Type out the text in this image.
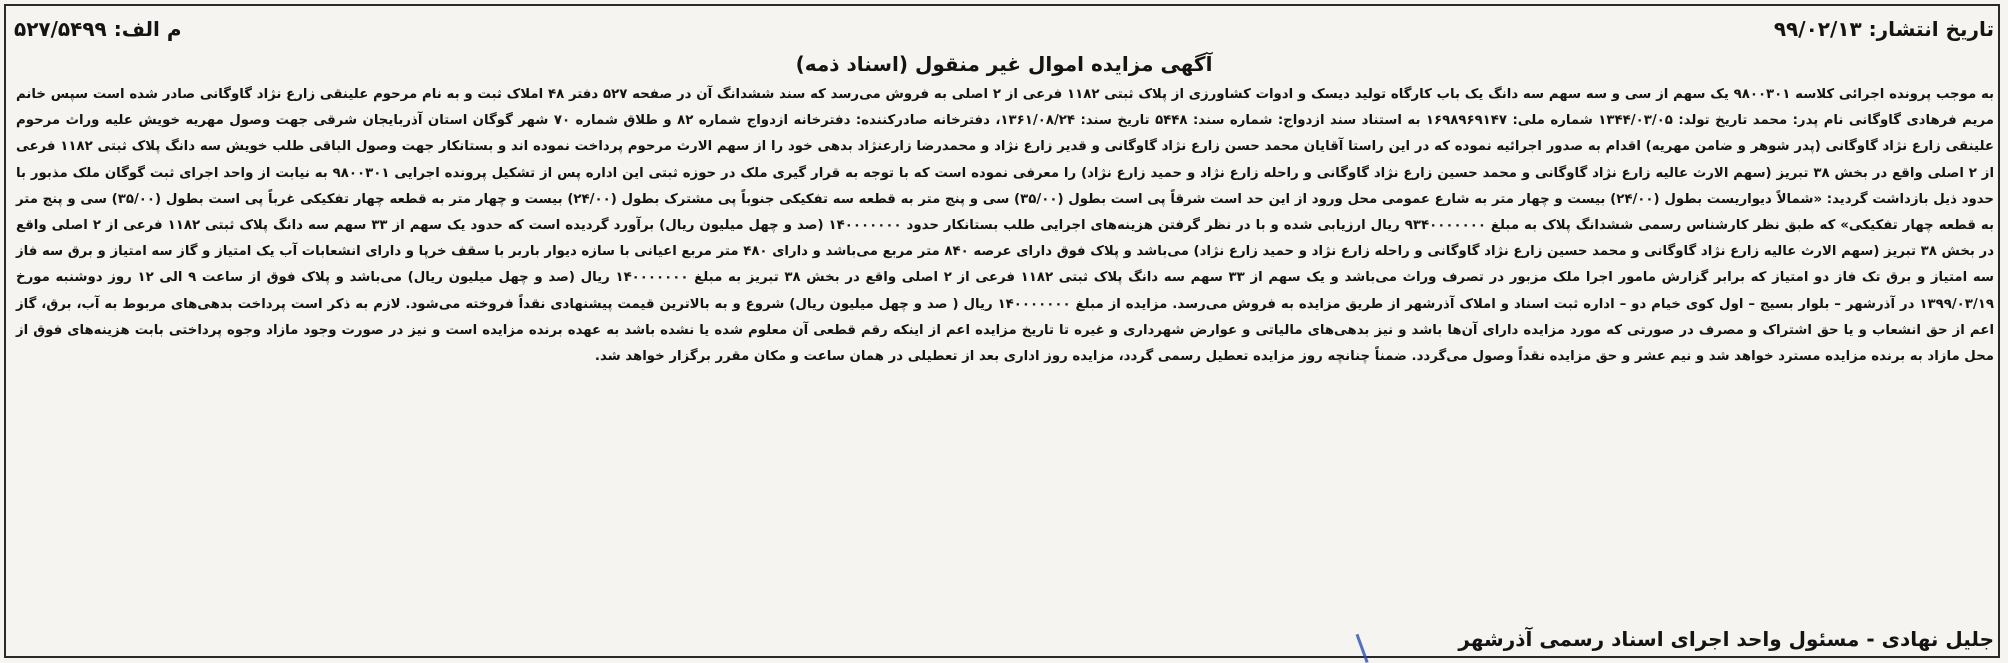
تاریخ انتشار: ۹۹/۰۲/۱۳
م الف: ۵۲۷/۵۴۹۹
آگهی مزایده اموال غیر منقول (اسناد ذمه)
به موجب پرونده اجرائی کلاسه ۹۸۰۰۳۰۱ یک سهم از سی و سه سهم سه دانگ یک باب کارگاه تولید دیسک و ادوات کشاورزی از پلاک ثبتی ۱۱۸۲ فرعی از ۲ اصلی به فروش می‌رسد که سند ششدانگ آن در صفحه ۵۲۷ دفتر ۴۸ املاک ثبت و به نام مرحوم علینقی زارع نژاد گاوگانی صادر شده است سپس خانم مریم فرهادی گاوگانی نام پدر: محمد تاریخ تولد: ۱۳۴۴/۰۳/۰۵ شماره ملی: ۱۶۹۸۹۶۹۱۴۷ به استناد سند ازدواج: شماره سند: ۵۴۴۸ تاریخ سند: ۱۳۶۱/۰۸/۲۴، دفترخانه صادرکننده: دفترخانه ازدواج شماره ۸۲ و طلاق شماره ۷۰ شهر گوگان استان آذربایجان شرقی جهت وصول مهریه خویش علیه وراث مرحوم علینقی زارع نژاد گاوگانی (پدر شوهر و ضامن مهریه) اقدام به صدور اجرائیه نموده که در این راستا آقایان محمد حسن زارع نژاد گاوگانی و قدیر زارع نژاد و محمدرضا زارعنژاد بدهی خود را از سهم الارث مرحوم پرداخت نموده اند و بستانکار جهت وصول الباقی طلب خویش سه دانگ پلاک ثبتی ۱۱۸۲ فرعی از ۲ اصلی واقع در بخش ۳۸ تبریز (سهم الارث عالیه زارع نژاد گاوگانی و محمد حسین زارع نژاد گاوگانی و راحله زارع نژاد و حمید زارع نژاد) را معرفی نموده است که با توجه به قرار گیری ملک در حوزه ثبتی این اداره پس از تشکیل پرونده اجرایی ۹۸۰۰۳۰۱ به نیابت از واحد اجرای ثبت گوگان ملک مذبور با حدود ذیل بازداشت گردید: «شمالاً دیواریست بطول (۲۴/۰۰) بیست و چهار متر به شارع عمومی محل ورود از این حد است شرقاً پی است بطول (۳۵/۰۰) سی و پنج متر به قطعه سه تفکیکی جنوباً پی مشترک بطول (۲۴/۰۰) بیست و چهار متر به قطعه چهار تفکیکی غرباً پی است بطول (۳۵/۰۰) سی و پنج متر به قطعه چهار تفکیکی» که طبق نظر کارشناس رسمی ششدانگ پلاک به مبلغ ۹۳۴۰۰۰۰۰۰۰ ریال ارزیابی شده و با در نظر گرفتن هزینه‌های اجرایی طلب بستانکار حدود ۱۴۰۰۰۰۰۰۰ (صد و چهل میلیون ریال) برآورد گردیده است که حدود یک سهم از ۳۳ سهم سه دانگ پلاک ثبتی ۱۱۸۲ فرعی از ۲ اصلی واقع در بخش ۳۸ تبریز (سهم الارث عالیه زارع نژاد گاوگانی و محمد حسین زارع نژاد گاوگانی و راحله زارع نژاد و حمید زارع نژاد) می‌باشد و پلاک فوق دارای عرصه ۸۴۰ متر مربع می‌باشد و دارای ۴۸۰ متر مربع اعیانی با سازه دیوار باربر با سقف خرپا و دارای انشعابات آب یک امتیاز و گاز سه امتیاز و برق سه فاز سه امتیاز و برق تک فاز دو امتیاز که برابر گزارش مامور اجرا ملک مزبور در تصرف وراث می‌باشد و یک سهم از ۳۳ سهم سه دانگ پلاک ثبتی ۱۱۸۲ فرعی از ۲ اصلی واقع در بخش ۳۸ تبریز به مبلغ ۱۴۰۰۰۰۰۰۰ ریال (صد و چهل میلیون ریال) می‌باشد و پلاک فوق از ساعت ۹ الی ۱۲ روز دوشنبه مورخ ۱۳۹۹/۰۳/۱۹ در آذرشهر – بلوار بسیج – اول کوی خیام دو – اداره ثبت اسناد و املاک آذرشهر از طریق مزایده به فروش می‌رسد. مزایده از مبلغ ۱۴۰۰۰۰۰۰۰ ریال ( صد و چهل میلیون ریال) شروع و به بالاترین قیمت پیشنهادی نقداً فروخته می‌شود. لازم به ذکر است پرداخت بدهی‌های مربوط به آب، برق، گاز اعم از حق انشعاب و یا حق اشتراک و مصرف در صورتی که مورد مزایده دارای آن‌ها باشد و نیز بدهی‌های مالیاتی و عوارض شهرداری و غیره تا تاریخ مزایده اعم از اینکه رقم قطعی آن معلوم شده یا نشده باشد به عهده برنده مزایده است و نیز در صورت وجود مازاد وجوه پرداختی بابت هزینه‌های فوق از محل مازاد به برنده مزایده مسترد خواهد شد و نیم عشر و حق مزایده نقداً وصول می‌گردد. ضمناً چنانچه روز مزایده تعطیل رسمی گردد، مزایده روز اداری بعد از تعطیلی در همان ساعت و مکان مقرر برگزار خواهد شد.
جلیل نهادی - مسئول واحد اجرای اسناد رسمی آذرشهر
